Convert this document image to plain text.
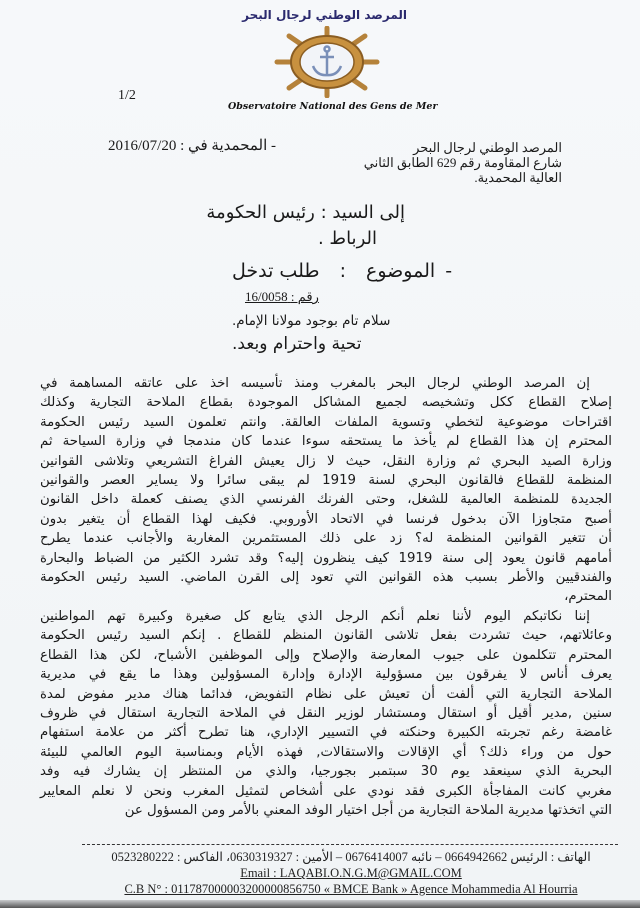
المرصد الوطني لرجال البحر
Observatoire National des Gens de Mer
1/2
المرصد الوطني لرجال البحر
شارع المقاومة رقم 629 الطابق الثاني
العالية المحمدية.
- المحمدية في : 2016/07/20
إلى السيد : رئيس الحكومة
الرباط .
- الموضوع : طلب تدخل
رقم : 16/0058
سلام تام بوجود مولانا الإمام.
تحية واحترام وبعد.

إن المرصد الوطني لرجال البحر بالمغرب ومنذ تأسيسه اخذ على عاتقه المساهمة في
إصلاح القطاع ككل وتشخيصه لجميع المشاكل الموجودة بقطاع الملاحة التجارية وكذلك
اقتراحات موضوعية لتخطي وتسوية الملفات العالقة. وانتم تعلمون السيد رئيس الحكومة
المحترم إن هذا القطاع لم يأخذ ما يستحقه سوءا عندما كان مندمجا في وزارة السياحة ثم
وزارة الصيد البحري ثم وزارة النقل، حيث لا زال يعيش الفراغ التشريعي وتلاشى القوانين
المنظمة للقطاع فالقانون البحري لسنة 1919 لم يبقى سائرا ولا يساير العصر والقوانين
الجديدة للمنظمة العالمية للشغل، وحتى الفرنك الفرنسي الذي يصنف كعملة داخل القانون
أصبح متجاوزا الآن بدخول فرنسا في الاتحاد الأوروبي. فكيف لهذا القطاع أن يتغير بدون
أن تتغير القوانين المنظمة له؟ زد على ذلك المستثمرين المغاربة والأجانب عندما يطرح
أمامهم قانون يعود إلى سنة 1919 كيف ينظرون إليه؟ وقد تشرد الكثير من الضباط والبحارة
والفندقيين والأطر بسبب هذه القوانين التي تعود إلى القرن الماضي. السيد رئيس الحكومة
المحترم،

إننا نكاتبكم اليوم لأننا نعلم أنكم الرجل الذي يتابع كل صغيرة وكبيرة تهم المواطنين
وعائلاتهم، حيث تشردت بفعل تلاشى القانون المنظم للقطاع . إنكم السيد رئيس الحكومة
المحترم تتكلمون على جيوب المعارضة والإصلاح وإلى الموظفين الأشباح، لكن هذا القطاع
يعرف أناس لا يفرقون بين مسؤولية الإدارة وإدارة المسؤولين وهذا ما يقع في مديرية
الملاحة التجارية التي ألفت أن تعيش على نظام التفويض، فدائما هناك مدير مفوض لمدة
سنين ,مدير أقيل أو استقال ومستشار لوزير النقل في الملاحة التجارية استقال في ظروف
غامضة رغم تجربته الكبيرة وحنكته في التسيير الإداري، هنا تطرح أكثر من علامة استفهام
حول من وراء ذلك؟ أي الإقالات والاستقالات, فهذه الأيام وبمناسبة اليوم العالمي للبيئة
البحرية الذي سينعقد يوم 30 سبتمبر بجورجيا، والذي من المنتظر إن يشارك فيه وفد
مغربي كانت المفاجأة الكبرى فقد نودي على أشخاص لتمثيل المغرب ونحن لا نعلم المعايير
التي اتخذتها مديرية الملاحة التجارية من أجل اختيار الوفد المعني بالأمر ومن المسؤول عن

الهاتف : الرئيس 0664942662 – نائبه 0676414007 – الأمين : 0630319327، الفاكس : 0523280222
Email : LAQABI.O.N.G.M@GMAIL.COM
C.B N° : 011787000003200000856750 « BMCE Bank » Agence Mohammedia Al Hourria
